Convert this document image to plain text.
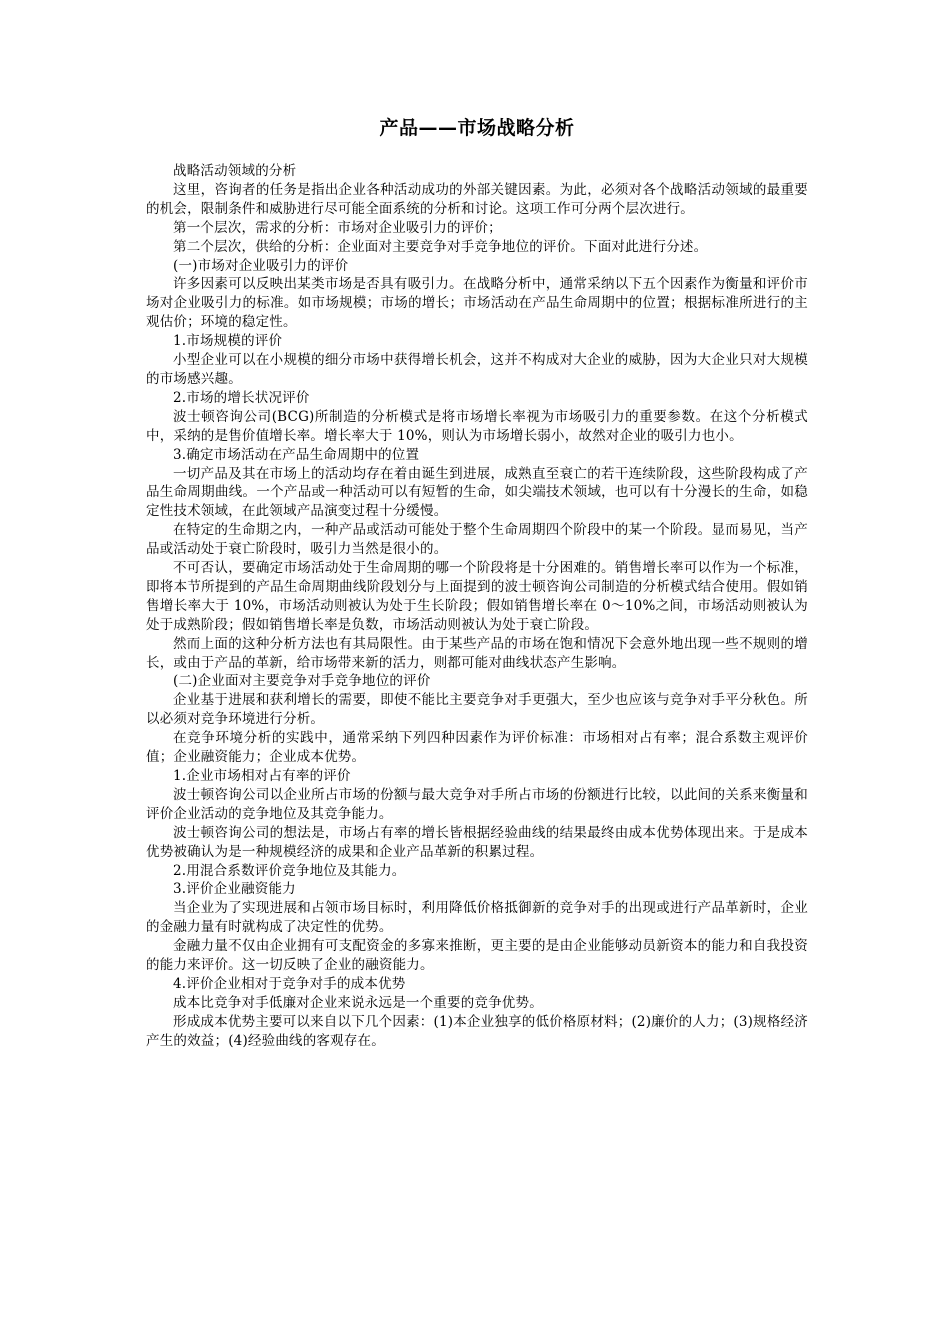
产品——市场战略分析

战略活动领域的分析

这里，咨询者的任务是指出企业各种活动成功的外部关键因素。为此，必须对各个战略活动领域的最重要的机会，限制条件和威胁进行尽可能全面系统的分析和讨论。这项工作可分两个层次进行。

第一个层次，需求的分析：市场对企业吸引力的评价；

第二个层次，供给的分析：企业面对主要竞争对手竞争地位的评价。下面对此进行分述。

(一)市场对企业吸引力的评价

许多因素可以反映出某类市场是否具有吸引力。在战略分析中，通常采纳以下五个因素作为衡量和评价市场对企业吸引力的标准。如市场规模；市场的增长；市场活动在产品生命周期中的位置；根据标准所进行的主观估价；环境的稳定性。

1.市场规模的评价

小型企业可以在小规模的细分市场中获得增长机会，这并不构成对大企业的威胁，因为大企业只对大规模的市场感兴趣。

2.市场的增长状况评价

波士顿咨询公司(BCG)所制造的分析模式是将市场增长率视为市场吸引力的重要参数。在这个分析模式中，采纳的是售价值增长率。增长率大于 10%，则认为市场增长弱小，故然对企业的吸引力也小。

3.确定市场活动在产品生命周期中的位置

一切产品及其在市场上的活动均存在着由诞生到进展，成熟直至衰亡的若干连续阶段，这些阶段构成了产品生命周期曲线。一个产品或一种活动可以有短暂的生命，如尖端技术领域，也可以有十分漫长的生命，如稳定性技术领域，在此领域产品演变过程十分缓慢。

在特定的生命期之内，一种产品或活动可能处于整个生命周期四个阶段中的某一个阶段。显而易见，当产品或活动处于衰亡阶段时，吸引力当然是很小的。

不可否认，要确定市场活动处于生命周期的哪一个阶段将是十分困难的。销售增长率可以作为一个标准，即将本节所提到的产品生命周期曲线阶段划分与上面提到的波士顿咨询公司制造的分析模式结合使用。假如销售增长率大于 10%，市场活动则被认为处于生长阶段；假如销售增长率在 0～10%之间，市场活动则被认为处于成熟阶段；假如销售增长率是负数，市场活动则被认为处于衰亡阶段。

然而上面的这种分析方法也有其局限性。由于某些产品的市场在饱和情况下会意外地出现一些不规则的增长，或由于产品的革新，给市场带来新的活力，则都可能对曲线状态产生影响。

(二)企业面对主要竞争对手竞争地位的评价

企业基于进展和获利增长的需要，即使不能比主要竞争对手更强大，至少也应该与竞争对手平分秋色。所以必须对竞争环境进行分析。

在竞争环境分析的实践中，通常采纳下列四种因素作为评价标准：市场相对占有率；混合系数主观评价值；企业融资能力；企业成本优势。

1.企业市场相对占有率的评价

波士顿咨询公司以企业所占市场的份额与最大竞争对手所占市场的份额进行比较，以此间的关系来衡量和评价企业活动的竞争地位及其竞争能力。

波士顿咨询公司的想法是，市场占有率的增长皆根据经验曲线的结果最终由成本优势体现出来。于是成本优势被确认为是一种规模经济的成果和企业产品革新的积累过程。

2.用混合系数评价竞争地位及其能力。

3.评价企业融资能力

当企业为了实现进展和占领市场目标时，利用降低价格抵御新的竞争对手的出现或进行产品革新时，企业的金融力量有时就构成了决定性的优势。

金融力量不仅由企业拥有可支配资金的多寡来推断，更主要的是由企业能够动员新资本的能力和自我投资的能力来评价。这一切反映了企业的融资能力。

4.评价企业相对于竞争对手的成本优势

成本比竞争对手低廉对企业来说永远是一个重要的竞争优势。

形成成本优势主要可以来自以下几个因素：(1)本企业独享的低价格原材料；(2)廉价的人力；(3)规格经济产生的效益；(4)经验曲线的客观存在。
